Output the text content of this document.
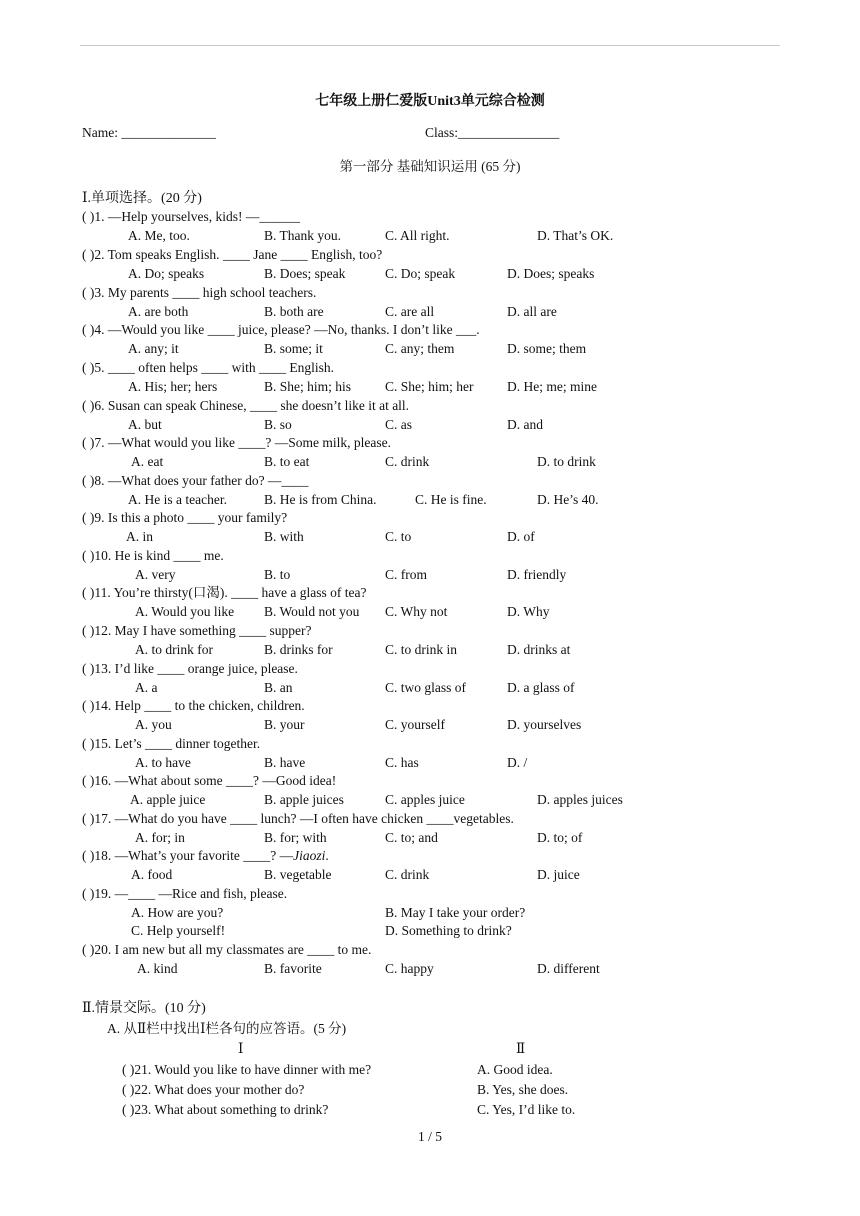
七年级上册仁爱版Unit3单元综合检测
Name: ______________	Class:_______________
第一部分 基础知识运用 (65 分)
Ⅰ.单项选择。(20 分)
( )1. —Help yourselves, kids! —______
A. Me, too.	B. Thank you.	C. All right.	D. That’s OK.
( )2. Tom speaks English. ____ Jane ____ English, too?
A. Do; speaks	B. Does; speak	C. Do; speak	D. Does; speaks
( )3. My parents ____ high school teachers.
A. are both	B. both are	C. are all	D. all are
( )4. —Would you like ____ juice, please? —No, thanks. I don’t like ___.
A. any; it	B. some; it	C. any; them	D. some; them
( )5. ____ often helps ____ with ____ English.
A. His; her; hers	B. She; him; his	C. She; him; her D. He; me; mine
( )6. Susan can speak Chinese, ____ she doesn’t like it at all.
A. but	B. so	C. as	D. and
( )7. —What would you like ____? —Some milk, please.
A. eat	B. to eat	C. drink	D. to drink
( )8. —What does your father do? —____
A. He is a teacher.	B. He is from China.	C. He is fine.	D. He’s 40.
( )9. Is this a photo ____ your family?
A. in	B. with	C. to	D. of
( )10. He is kind ____ me.
A. very	B. to	C. from	D. friendly
( )11. You’re thirsty(口渴). ____ have a glass of tea?
A. Would you like B. Would not you C. Why not	D. Why
( )12. May I have something ____ supper?
A. to drink for	B. drinks for	C. to drink in	D. drinks at
( )13. I’d like ____ orange juice, please.
A. a	B. an	C. two glass of	D. a glass of
( )14. Help ____ to the chicken, children.
A. you	B. your	C. yourself	D. yourselves
( )15. Let’s ____ dinner together.
A. to have	B. have	C. has	D. /
( )16. —What about some ____? —Good idea!
A. apple juice	B. apple juices	C. apples juice	D. apples juices
( )17. —What do you have ____ lunch? —I often have chicken ____vegetables.
A. for; in	B. for; with	C. to; and	D. to; of
( )18. —What’s your favorite ____? —Jiaozi.
A. food	B. vegetable	C. drink	D. juice
( )19. —____ —Rice and fish, please.
A. How are you?	B. May I take your order?
C. Help yourself!	D. Something to drink?
( )20. I am new but all my classmates are ____ to me.
A. kind	B. favorite	C. happy	D. different
Ⅱ.情景交际。(10 分)
A. 从Ⅱ栏中找出Ⅰ栏各句的应答语。(5 分)
Ⅰ	Ⅱ
( )21. Would you like to have dinner with me?	A. Good idea.
( )22. What does your mother do?	B. Yes, she does.
( )23. What about something to drink?	C. Yes, I’d like to.
1 / 5
